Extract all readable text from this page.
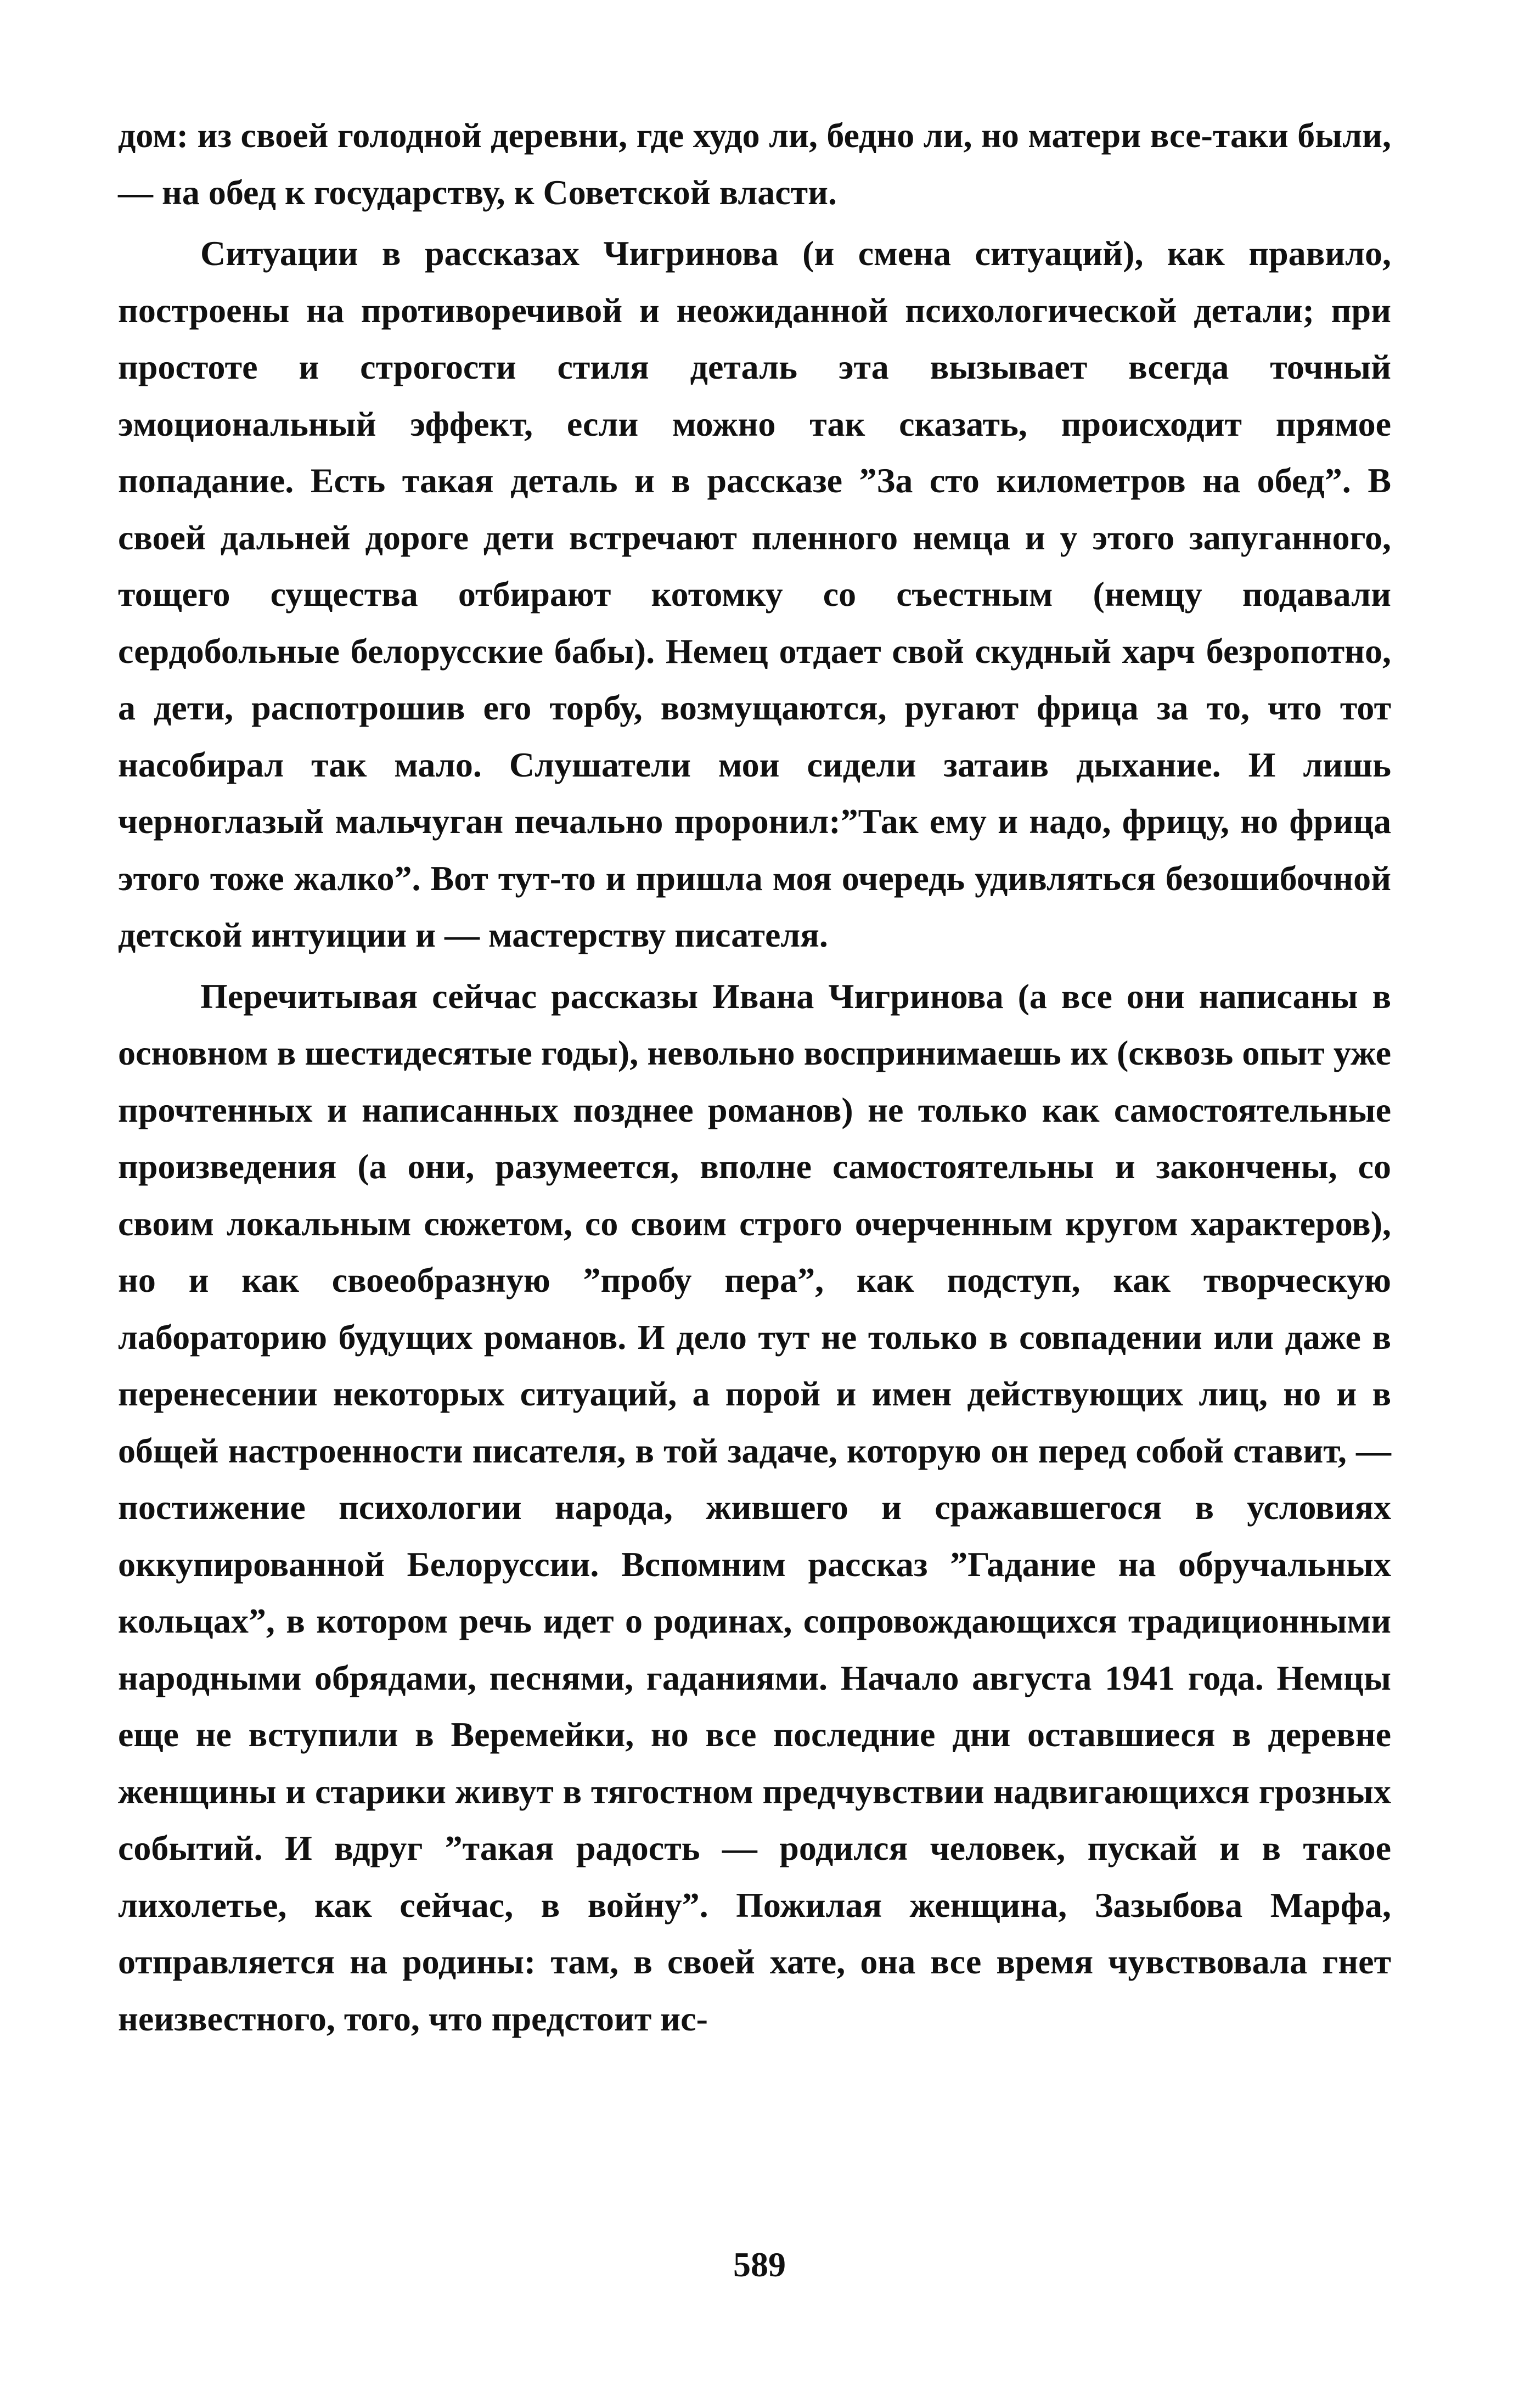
дом: из своей голодной деревни, где худо ли, бедно ли, но матери все-таки были, — на обед к государству, к Советской власти.

Ситуации в рассказах Чигринова (и смена ситуаций), как правило, построены на противоречивой и неожиданной психологической детали; при простоте и строгости стиля деталь эта вызывает всегда точный эмоциональный эффект, если можно так сказать, происходит прямое попадание. Есть такая деталь и в рассказе ”За сто километров на обед”. В своей дальней дороге дети встречают пленного немца и у этого запуганного, тощего существа отбирают котомку со съестным (немцу подавали сердобольные белорусские бабы). Немец отдает свой скудный харч безропотно, а дети, распотрошив его торбу, возмущаются, ругают фрица за то, что тот насобирал так мало. Слушатели мои сидели затаив дыхание. И лишь черноглазый мальчуган печально проронил:”Так ему и надо, фрицу, но фрица этого тоже жалко”. Вот тут-то и пришла моя очередь удивляться безошибочной детской интуиции и — мастерству писателя.

Перечитывая сейчас рассказы Ивана Чигринова (а все они написаны в основном в шестидесятые годы), невольно воспринимаешь их (сквозь опыт уже прочтенных и написанных позднее романов) не только как самостоятельные произведения (а они, разумеется, вполне самостоятельны и закончены, со своим локальным сюжетом, со своим строго очерченным кругом характеров), но и как своеобразную ”пробу пера”, как подступ, как творческую лабораторию будущих романов. И дело тут не только в совпадении или даже в перенесении некоторых ситуаций, а порой и имен действующих лиц, но и в общей настроенности писателя, в той задаче, которую он перед собой ставит, — постижение психологии народа, жившего и сражавшегося в условиях оккупированной Белоруссии. Вспомним рассказ ”Гадание на обручальных кольцах”, в котором речь идет о родинах, сопровождающихся традиционными народными обрядами, песнями, гаданиями. Начало августа 1941 года. Немцы еще не вступили в Веремейки, но все последние дни оставшиеся в деревне женщины и старики живут в тягостном предчувствии надвигающихся грозных событий. И вдруг ”такая радость — родился человек, пускай и в такое лихолетье, как сейчас, в войну”. Пожилая женщина, Зазыбова Марфа, отправляется на родины: там, в своей хате, она все время чувствовала гнет неизвестного, того, что предстоит ис-

589
